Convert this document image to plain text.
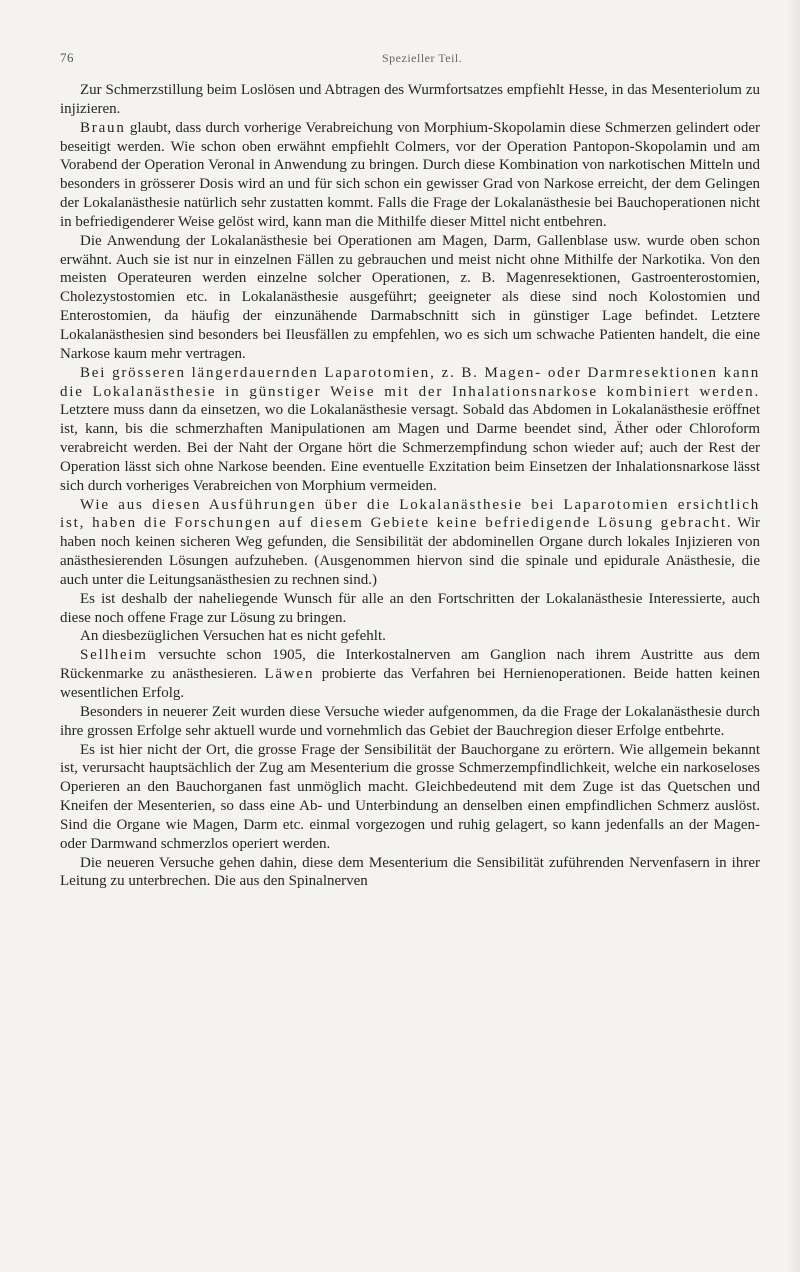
76	Spezieller Teil.

Zur Schmerzstillung beim Loslösen und Abtragen des Wurmfortsatzes empfiehlt Hesse, in das Mesenteriolum zu injizieren.

Braun glaubt, dass durch vorherige Verabreichung von Morphium-Skopolamin diese Schmerzen gelindert oder beseitigt werden. Wie schon oben erwähnt empfiehlt Colmers, vor der Operation Pantopon-Skopolamin und am Vorabend der Operation Veronal in Anwendung zu bringen. Durch diese Kombination von narkotischen Mitteln und besonders in grösserer Dosis wird an und für sich schon ein gewisser Grad von Narkose erreicht, der dem Gelingen der Lokalanästhesie natürlich sehr zustatten kommt. Falls die Frage der Lokalanästhesie bei Bauchoperationen nicht in befriedigenderer Weise gelöst wird, kann man die Mithilfe dieser Mittel nicht entbehren.

Die Anwendung der Lokalanästhesie bei Operationen am Magen, Darm, Gallenblase usw. wurde oben schon erwähnt. Auch sie ist nur in einzelnen Fällen zu gebrauchen und meist nicht ohne Mithilfe der Narkotika. Von den meisten Operateuren werden einzelne solcher Operationen, z. B. Magenresektionen, Gastroenterostomien, Cholezystostomien etc. in Lokalanästhesie ausgeführt; geeigneter als diese sind noch Kolostomien und Enterostomien, da häufig der einzunähende Darmabschnitt sich in günstiger Lage befindet. Letztere Lokalanästhesien sind besonders bei Ileusfällen zu empfehlen, wo es sich um schwache Patienten handelt, die eine Narkose kaum mehr vertragen.

Bei grösseren längerdauernden Laparotomien, z. B. Magen- oder Darmresektionen kann die Lokalanästhesie in günstiger Weise mit der Inhalationsnarkose kombiniert werden. Letztere muss dann da einsetzen, wo die Lokalanästhesie versagt. Sobald das Abdomen in Lokalanästhesie eröffnet ist, kann, bis die schmerzhaften Manipulationen am Magen und Darme beendet sind, Äther oder Chloroform verabreicht werden. Bei der Naht der Organe hört die Schmerzempfindung schon wieder auf; auch der Rest der Operation lässt sich ohne Narkose beenden. Eine eventuelle Exzitation beim Einsetzen der Inhalationsnarkose lässt sich durch vorheriges Verabreichen von Morphium vermeiden.

Wie aus diesen Ausführungen über die Lokalanästhesie bei Laparotomien ersichtlich ist, haben die Forschungen auf diesem Gebiete keine befriedigende Lösung gebracht. Wir haben noch keinen sicheren Weg gefunden, die Sensibilität der abdominellen Organe durch lokales Injizieren von anästhesierenden Lösungen aufzuheben. (Ausgenommen hiervon sind die spinale und epidurale Anästhesie, die auch unter die Leitungsanästhesien zu rechnen sind.)

Es ist deshalb der naheliegende Wunsch für alle an den Fortschritten der Lokalanästhesie Interessierte, auch diese noch offene Frage zur Lösung zu bringen.

An diesbezüglichen Versuchen hat es nicht gefehlt.

Sellheim versuchte schon 1905, die Interkostalnerven am Ganglion nach ihrem Austritte aus dem Rückenmarke zu anästhesieren. Läwen probierte das Verfahren bei Hernienoperationen. Beide hatten keinen wesentlichen Erfolg.

Besonders in neuerer Zeit wurden diese Versuche wieder aufgenommen, da die Frage der Lokalanästhesie durch ihre grossen Erfolge sehr aktuell wurde und vornehmlich das Gebiet der Bauchregion dieser Erfolge entbehrte.

Es ist hier nicht der Ort, die grosse Frage der Sensibilität der Bauchorgane zu erörtern. Wie allgemein bekannt ist, verursacht hauptsächlich der Zug am Mesenterium die grosse Schmerzempfindlichkeit, welche ein narkoseloses Operieren an den Bauchorganen fast unmöglich macht. Gleichbedeutend mit dem Zuge ist das Quetschen und Kneifen der Mesenterien, so dass eine Ab- und Unterbindung an denselben einen empfindlichen Schmerz auslöst. Sind die Organe wie Magen, Darm etc. einmal vorgezogen und ruhig gelagert, so kann jedenfalls an der Magen- oder Darmwand schmerzlos operiert werden.

Die neueren Versuche gehen dahin, diese dem Mesenterium die Sensibilität zuführenden Nervenfasern in ihrer Leitung zu unterbrechen. Die aus den Spinalnerven
